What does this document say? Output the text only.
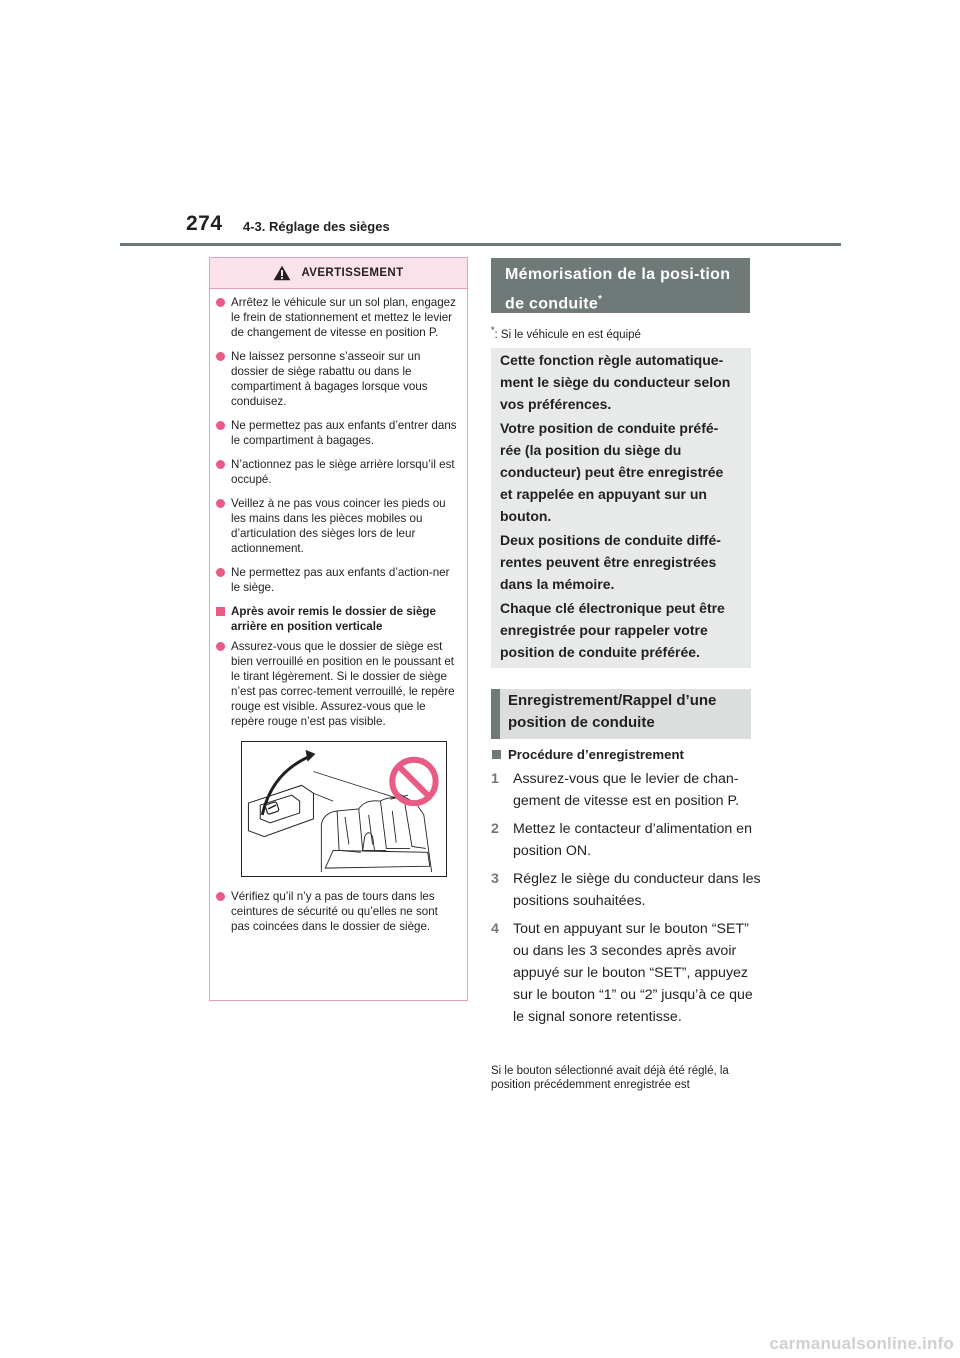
274 4-3. Réglage des sièges
AVERTISSEMENT
Arrêtez le véhicule sur un sol plan, engagez le frein de stationnement et mettez le levier de changement de vitesse en position P.
Ne laissez personne s’asseoir sur un dossier de siège rabattu ou dans le compartiment à bagages lorsque vous conduisez.
Ne permettez pas aux enfants d’entrer dans le compartiment à bagages.
N’actionnez pas le siège arrière lorsqu’il est occupé.
Veillez à ne pas vous coincer les pieds ou les mains dans les pièces mobiles ou d’articulation des sièges lors de leur actionnement.
Ne permettez pas aux enfants d’action-ner le siège.
Après avoir remis le dossier de siège arrière en position verticale
Assurez-vous que le dossier de siège est bien verrouillé en position en le poussant et le tirant légèrement. Si le dossier de siège n’est pas correc-tement verrouillé, le repère rouge est visible. Assurez-vous que le repère rouge n’est pas visible.
Vérifiez qu’il n’y a pas de tours dans les ceintures de sécurité ou qu’elles ne sont pas coincées dans le dossier de siège.
Mémorisation de la posi-tion de conduite*
*: Si le véhicule en est équipé

Cette fonction règle automatique-ment le siège du conducteur selon vos préférences.

Votre position de conduite préfé-rée (la position du siège du conducteur) peut être enregistrée et rappelée en appuyant sur un bouton.

Deux positions de conduite diffé-rentes peuvent être enregistrées dans la mémoire.

Chaque clé électronique peut être enregistrée pour rappeler votre position de conduite préférée.

Enregistrement/Rappel d’une position de conduite
Procédure d’enregistrement
1 Assurez-vous que le levier de chan-gement de vitesse est en position P.
2 Mettez le contacteur d’alimentation en position ON.
3 Réglez le siège du conducteur dans les positions souhaitées.
4 Tout en appuyant sur le bouton “SET” ou dans les 3 secondes après avoir appuyé sur le bouton “SET”, appuyez sur le bouton “1” ou “2” jusqu’à ce que le signal sonore retentisse.
Si le bouton sélectionné avait déjà été réglé, la position précédemment enregistrée est
carmanualsonline.info
